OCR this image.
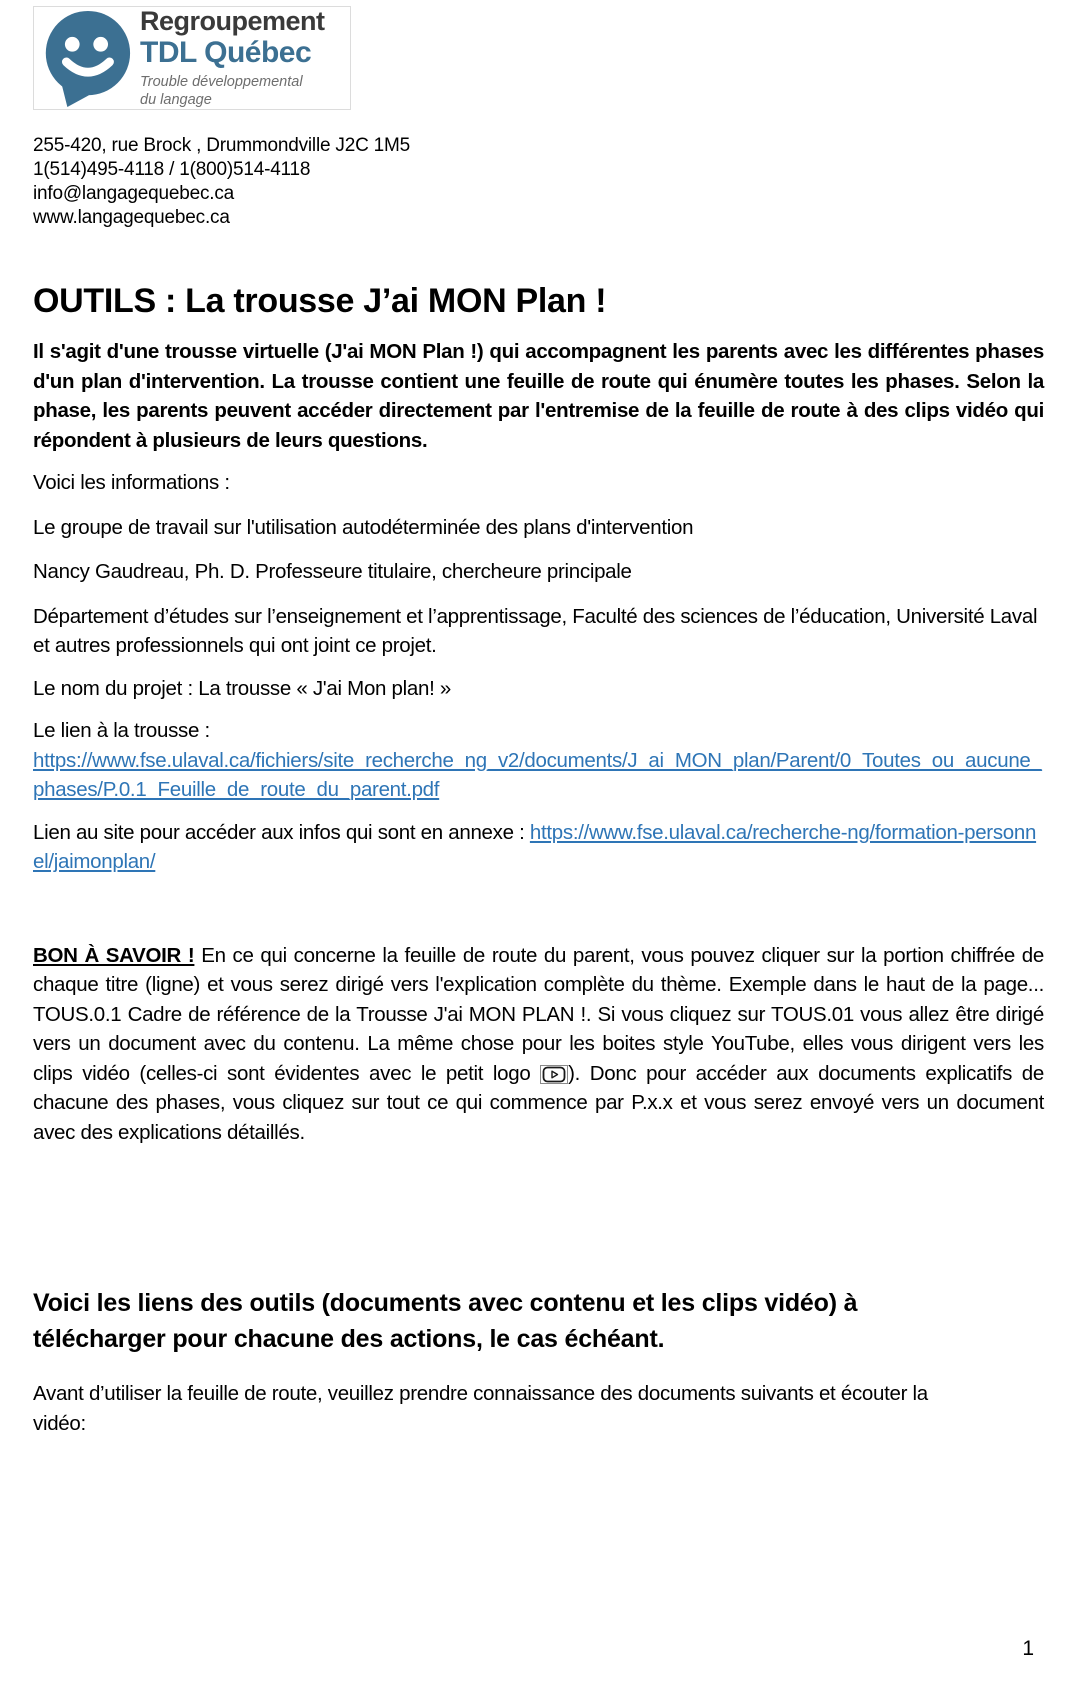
Regroupement
TDL Québec
Trouble développemental
du langage
255-420, rue Brock , Drummondville J2C 1M5
1(514)495-4118 / 1(800)514-4118
info@langagequebec.ca
www.langagequebec.ca
OUTILS : La trousse J’ai MON Plan !

Il s'agit d'une trousse virtuelle (J'ai MON Plan !) qui accompagnent les parents avec les différentes phases d'un plan d'intervention. La trousse contient une feuille de route qui énumère toutes les phases. Selon la phase, les parents peuvent accéder directement par l'entremise de la feuille de route à des clips vidéo qui répondent à plusieurs de leurs questions.

Voici les informations :

Le groupe de travail sur l'utilisation autodéterminée des plans d'intervention

Nancy Gaudreau, Ph. D. Professeure titulaire, chercheure principale

Département d’études sur l’enseignement et l’apprentissage, Faculté des sciences de l’éducation, Université Laval et autres professionnels qui ont joint ce projet.

Le nom du projet : La trousse « J'ai Mon plan! »

Le lien à la trousse :
https://www.fse.ulaval.ca/fichiers/site_recherche_ng_v2/documents/J_ai_MON_plan/Parent/0_Toutes_ou_aucune_phases/P.0.1_Feuille_de_route_du_parent.pdf

Lien au site pour accéder aux infos qui sont en annexe : https://www.fse.ulaval.ca/recherche-ng/formation-personnel/jaimonplan/

BON À SAVOIR ! En ce qui concerne la feuille de route du parent, vous pouvez cliquer sur la portion chiffrée de chaque titre (ligne) et vous serez dirigé vers l'explication complète du thème. Exemple dans le haut de la page... TOUS.0.1 Cadre de référence de la Trousse J'ai MON PLAN !. Si vous cliquez sur TOUS.01 vous allez être dirigé vers un document avec du contenu. La même chose pour les boites style YouTube, elles vous dirigent vers les clips vidéo (celles-ci sont évidentes avec le petit logo ). Donc pour accéder aux documents explicatifs de chacune des phases, vous cliquez sur tout ce qui commence par P.x.x et vous serez envoyé vers un document avec des explications détaillés.

Voici les liens des outils (documents avec contenu et les clips vidéo) à télécharger pour chacune des actions, le cas échéant.

Avant d’utiliser la feuille de route, veuillez prendre connaissance des documents suivants et écouter la vidéo:

1
